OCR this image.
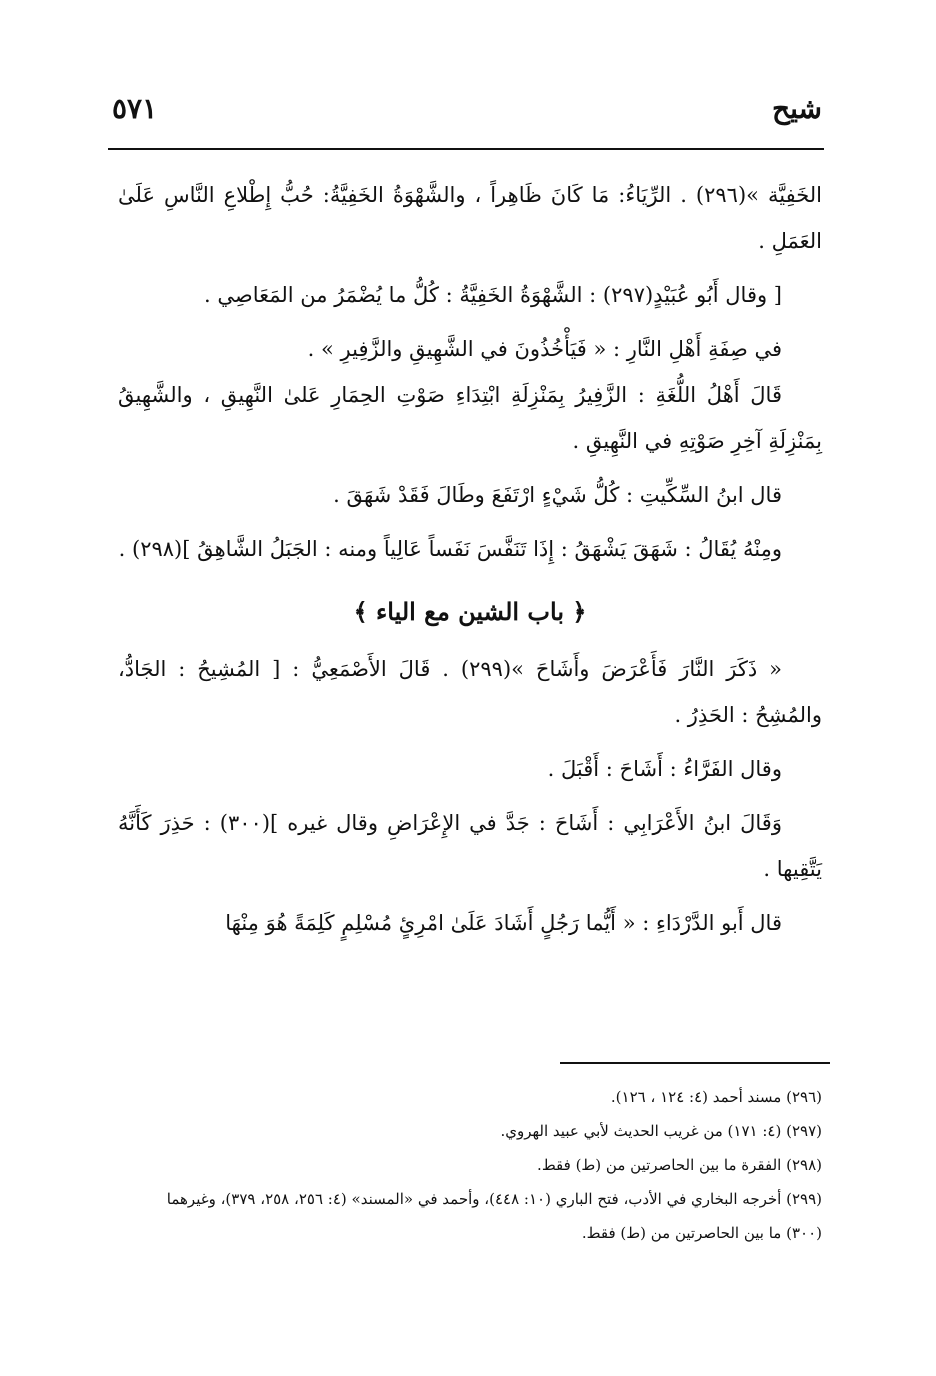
شيح
٥٧١

الخَفِيَّة »(٢٩٦) . الرِّيَاءُ: مَا كَانَ ظَاهِراً ، والشَّهْوَةُ الخَفِيَّةُ: حُبُّ إِطْلاعِ النَّاسِ عَلَىٰ العَمَلِ .

[ وقال أَبُو عُبَيْدٍ(٢٩٧) : الشَّهْوَةُ الخَفِيَّةُ : كُلُّ ما يُضْمَرُ من المَعَاصِي .

في صِفَةِ أَهْلِ النَّارِ : « فَيَأْخُذُونَ في الشَّهِيقِ والزَّفِيرِ » .

قَالَ أَهْلُ اللُّغَةِ : الزَّفِيرُ بِمَنْزِلَةِ ابْتِدَاءِ صَوْتِ الحِمَارِ عَلىٰ النَّهِيقِ ، والشَّهِيقُ بِمَنْزِلَةِ آخِرِ صَوْتِهِ في النَّهِيقِ .

قال ابنُ السِّكِّيتِ : كُلُّ شَيْءٍ ارْتَفَعَ وطَالَ فَقَدْ شَهَقَ .

ومِنْهُ يُقَالُ : شَهَقَ يَشْهَقُ : إِذَا تَنَفَّسَ نَفَساً عَالِياً ومنه : الجَبَلُ الشَّاهِقُ ](٢٩٨) .

﴿ باب الشين مع الياء ﴾

« ذَكَرَ النَّارَ فَأَعْرَضَ وأَشَاحَ »(٢٩٩) . قَالَ الأَصْمَعِيُّ : [ المُشِيحُ : الجَادُّ، والمُشِحُ : الحَذِرُ .

وقال الفَرَّاءُ : أَشَاحَ : أَقْبَلَ .

وَقَالَ ابنُ الأَعْرَابِي : أَشَاحَ : جَدَّ في الإِعْرَاضِ وقال غيره ](٣٠٠) : حَذِرَ كَأَنَّهُ يَتَّقِيها .

قال أَبو الدَّرْدَاءِ : « أَيُّما رَجُلٍ أَشَادَ عَلَىٰ امْرِئٍ مُسْلِمٍ كَلِمَةً هُوَ مِنْهَا

(٢٩٦) مسند أحمد (٤: ١٢٤ ، ١٢٦).

(٢٩٧) (٤: ١٧١) من غريب الحديث لأبي عبيد الهروي.

(٢٩٨) الفقرة ما بين الحاصرتين من (ط) فقط.

(٢٩٩) أخرجه البخاري في الأدب، فتح الباري (١٠: ٤٤٨)، وأحمد في «المسند» (٤: ٢٥٦، ٢٥٨، ٣٧٩)، وغيرهما

(٣٠٠) ما بين الحاصرتين من (ط) فقط.
